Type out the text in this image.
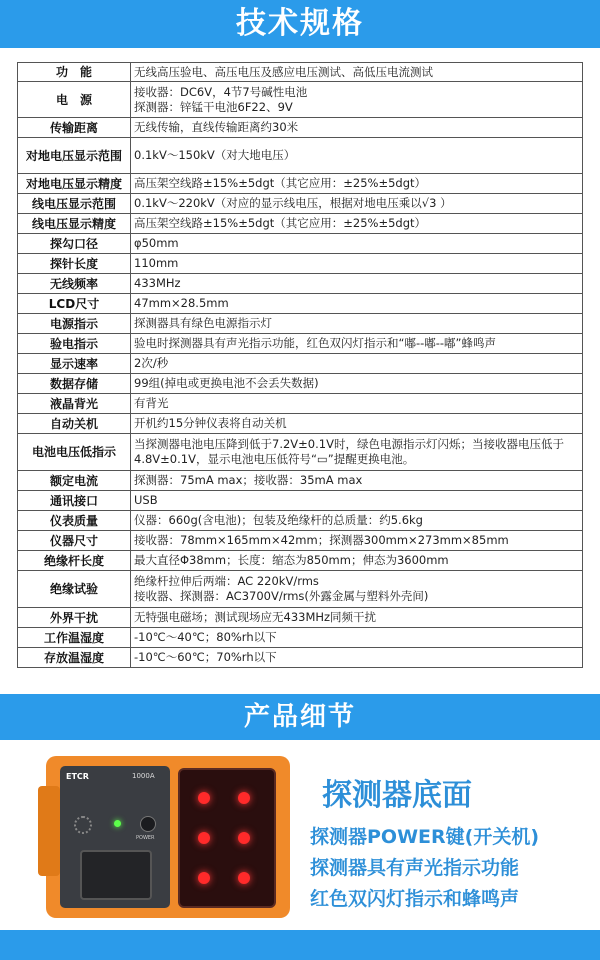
技术规格
功　能	无线高压验电、高压电压及感应电压测试、高低压电流测试

电　源	接收器：DC6V，4节7号碱性电池
探测器：锌锰干电池6F22、9V

传输距离	无线传输，直线传输距离约30米

对地电压显示范围	0.1kV～150kV（对大地电压）

对地电压显示精度	高压架空线路±15%±5dgt（其它应用：±25%±5dgt）

线电压显示范围	0.1kV～220kV（对应的显示线电压，根据对地电压乘以√3 ）

线电压显示精度	高压架空线路±15%±5dgt（其它应用：±25%±5dgt）

探勾口径	φ50mm

探针长度	110mm

无线频率	433MHz

LCD尺寸	47mm×28.5mm

电源指示	探测器具有绿色电源指示灯

验电指示	验电时探测器具有声光指示功能，红色双闪灯指示和“嘟--嘟--嘟”蜂鸣声

显示速率	2次/秒

数据存储	99组(掉电或更换电池不会丢失数据)

液晶背光	有背光

自动关机	开机约15分钟仪表将自动关机

电池电压低指示	当探测器电池电压降到低于7.2V±0.1V时，绿色电源指示灯闪烁；当接收器电压低于4.8V±0.1V，显示电池电压低符号“▭”提醒更换电池。

额定电流	探测器：75mA max；接收器：35mA max

通讯接口	USB

仪表质量	仪器：660g(含电池)；包装及绝缘杆的总质量：约5.6kg

仪器尺寸	接收器：78mm×165mm×42mm；探测器300mm×273mm×85mm

绝缘杆长度	最大直径Φ38mm；长度：缩态为850mm；伸态为3600mm

绝缘试验	绝缘杆拉伸后两端：AC 220kV/rms
接收器、探测器：AC3700V/rms(外露金属与塑料外壳间)

外界干扰	无特强电磁场；测试现场应无433MHz同频干扰

工作温湿度	-10℃～40℃；80%rh以下

存放温湿度	-10℃～60℃；70%rh以下
产品细节
ETCR	1000A
POWER
探测器底面
探测器POWER键(开关机)
探测器具有声光指示功能
红色双闪灯指示和蜂鸣声
